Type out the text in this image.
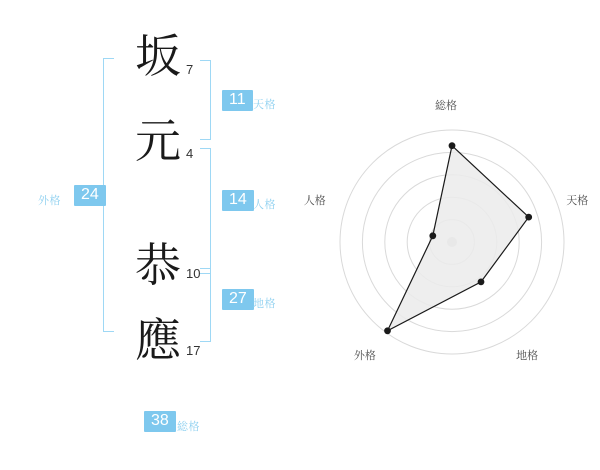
24
外格
坂 7
元 4
恭 10
應 17
11 天格
14 人格
27 地格
38 総格
総格
天格
地格
外格
人格
